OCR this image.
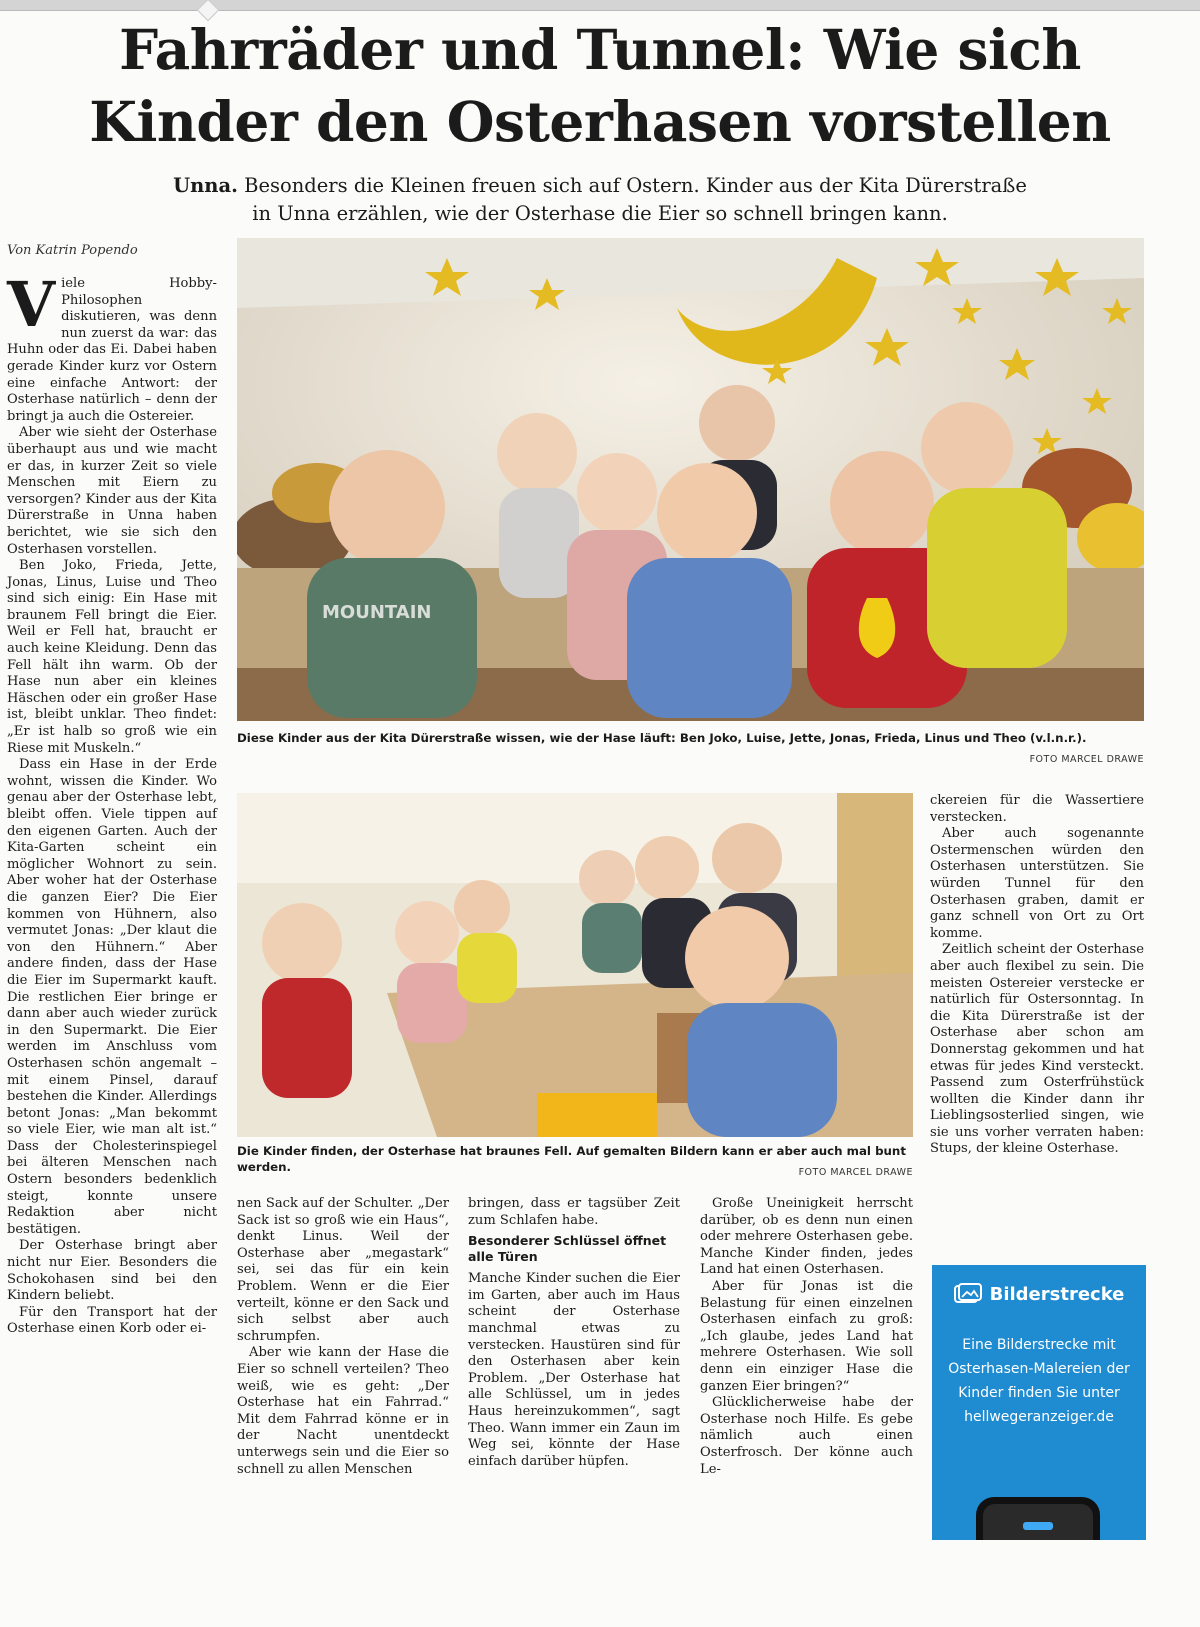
Fahrräder und Tunnel: Wie sich
Kinder den Osterhasen vorstellen
Unna. Besonders die Kleinen freuen sich auf Ostern. Kinder aus der Kita Dürerstraße
in Unna erzählen, wie der Osterhase die Eier so schnell bringen kann.
Von Katrin Popendo

Viele Hobby-Philosophen diskutieren, was denn nun zuerst da war: das Huhn oder das Ei. Dabei haben gerade Kinder kurz vor Ostern eine einfache Antwort: der Osterhase natürlich – denn der bringt ja auch die Ostereier.

Aber wie sieht der Osterhase überhaupt aus und wie macht er das, in kurzer Zeit so viele Menschen mit Eiern zu versorgen? Kinder aus der Kita Dürerstraße in Unna haben berichtet, wie sie sich den Osterhasen vorstellen.

Ben Joko, Frieda, Jette, Jonas, Linus, Luise und Theo sind sich einig: Ein Hase mit braunem Fell bringt die Eier. Weil er Fell hat, braucht er auch keine Kleidung. Denn das Fell hält ihn warm. Ob der Hase nun aber ein kleines Häschen oder ein großer Hase ist, bleibt unklar. Theo findet: „Er ist halb so groß wie ein Riese mit Muskeln.“

Dass ein Hase in der Erde wohnt, wissen die Kinder. Wo genau aber der Osterhase lebt, bleibt offen. Viele tippen auf den eigenen Garten. Auch der Kita-Garten scheint ein möglicher Wohnort zu sein. Aber woher hat der Osterhase die ganzen Eier? Die Eier kommen von Hühnern, also vermutet Jonas: „Der klaut die von den Hühnern.“ Aber andere finden, dass der Hase die Eier im Supermarkt kauft. Die restlichen Eier bringe er dann aber auch wieder zurück in den Supermarkt. Die Eier werden im Anschluss vom Osterhasen schön angemalt – mit einem Pinsel, darauf bestehen die Kinder. Allerdings betont Jonas: „Man bekommt so viele Eier, wie man alt ist.“ Dass der Cholesterinspiegel bei älteren Menschen nach Ostern besonders bedenklich steigt, konnte unsere Redaktion aber nicht bestätigen.

Der Osterhase bringt aber nicht nur Eier. Besonders die Schokohasen sind bei den Kindern beliebt.

Für den Transport hat der Osterhase einen Korb oder ei-

MOUNTAIN
Diese Kinder aus der Kita Dürerstraße wissen, wie der Hase läuft: Ben Joko, Luise, Jette, Jonas, Frieda, Linus und Theo (v.l.n.r.).
FOTO MARCEL DRAWE
Die Kinder finden, der Osterhase hat braunes Fell. Auf gemalten Bildern kann er aber auch mal bunt werden.	FOTO MARCEL DRAWE

nen Sack auf der Schulter. „Der Sack ist so groß wie ein Haus“, denkt Linus. Weil der Osterhase aber „megastark“ sei, sei das für ein kein Problem. Wenn er die Eier verteilt, könne er den Sack und sich selbst aber auch schrumpfen.

Aber wie kann der Hase die Eier so schnell verteilen? Theo weiß, wie es geht: „Der Osterhase hat ein Fahrrad.“ Mit dem Fahrrad könne er in der Nacht unentdeckt unterwegs sein und die Eier so schnell zu allen Menschen

bringen, dass er tagsüber Zeit zum Schlafen habe.

Besonderer Schlüssel öffnet alle Türen

Manche Kinder suchen die Eier im Garten, aber auch im Haus scheint der Osterhase manchmal etwas zu verstecken. Haustüren sind für den Osterhasen aber kein Problem. „Der Osterhase hat alle Schlüssel, um in jedes Haus hereinzukommen“, sagt Theo. Wann immer ein Zaun im Weg sei, könnte der Hase einfach darüber hüpfen.

Große Uneinigkeit herrscht darüber, ob es denn nun einen oder mehrere Osterhasen gebe. Manche Kinder finden, jedes Land hat einen Osterhasen.

Aber für Jonas ist die Belastung für einen einzelnen Osterhasen einfach zu groß: „Ich glaube, jedes Land hat mehrere Osterhasen. Wie soll denn ein einziger Hase die ganzen Eier bringen?“

Glücklicherweise habe der Osterhase noch Hilfe. Es gebe nämlich auch einen Osterfrosch. Der könne auch Le-

ckereien für die Wassertiere verstecken.

Aber auch sogenannte Ostermenschen würden den Osterhasen unterstützen. Sie würden Tunnel für den Osterhasen graben, damit er ganz schnell von Ort zu Ort komme.

Zeitlich scheint der Osterhase aber auch flexibel zu sein. Die meisten Ostereier verstecke er natürlich für Ostersonntag. In die Kita Dürerstraße ist der Osterhase aber schon am Donnerstag gekommen und hat etwas für jedes Kind versteckt. Passend zum Osterfrühstück wollten die Kinder dann ihr Lieblingsosterlied singen, wie sie uns vorher verraten haben: Stups, der kleine Osterhase.

Bilderstrecke
Eine Bilderstrecke mit Osterhasen-Malereien der Kinder finden Sie unter hellwegeranzeiger.de
